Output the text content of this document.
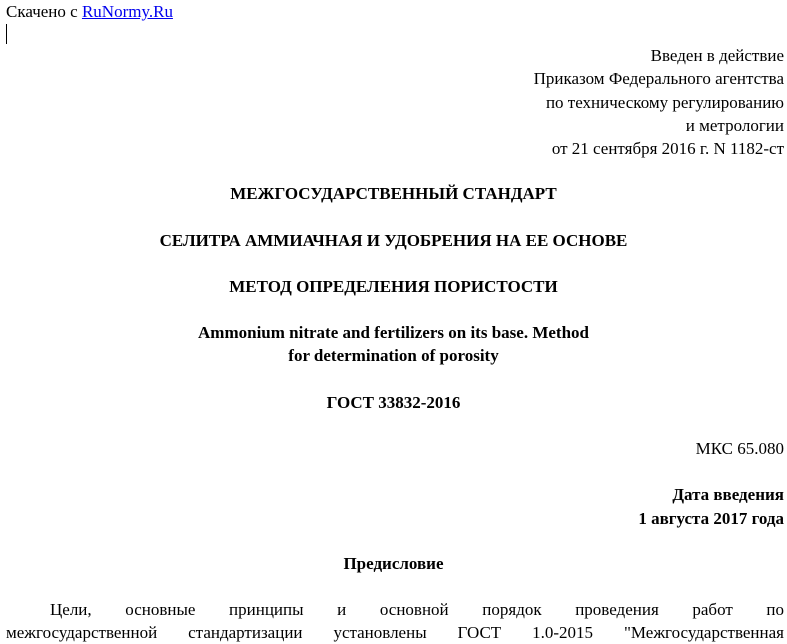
Скачено с RuNormy.Ru
Введен в действие
Приказом Федерального агентства
по техническому регулированию
и метрологии
от 21 сентября 2016 г. N 1182-ст
МЕЖГОСУДАРСТВЕННЫЙ СТАНДАРТ
СЕЛИТРА АММИАЧНАЯ И УДОБРЕНИЯ НА ЕЕ ОСНОВЕ
МЕТОД ОПРЕДЕЛЕНИЯ ПОРИСТОСТИ
Ammonium nitrate and fertilizers on its base. Method
for determination of porosity
ГОСТ 33832-2016
МКС 65.080
Дата введения
1 августа 2017 года
Предисловие
Цели, основные принципы и основной порядок проведения работ по
межгосударственной стандартизации установлены ГОСТ 1.0-2015 "Межгосударственная
